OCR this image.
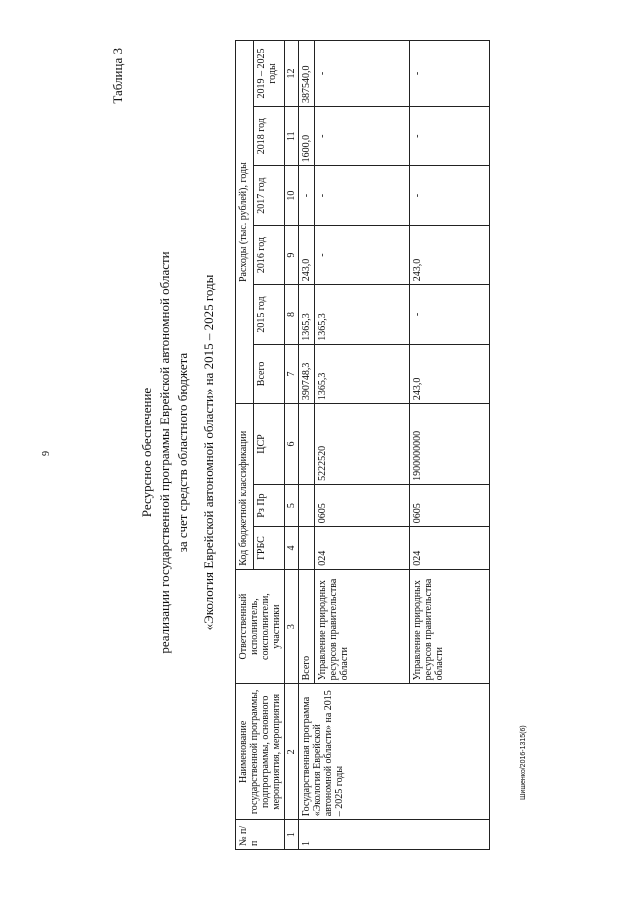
9
Шишенко/2016-1315(6)
Таблица 3
Ресурсное обеспечение реализации государственной программы Еврейской автономной области за счет средств областного бюджета «Экология Еврейской автономной области» на 2015 – 2025 годы
№ п/п	Наименование государственной программы, подпрограммы, основного мероприятия, мероприятия	Ответственный исполнитель, соисполнители, участники	Код бюджетной классификации			Расходы (тыс. рублей), годы					
			ГРБС	Рз Пр	ЦСР	Всего	2015 год	2016 год	2017 год	2018 год	2019 – 2025 годы
1	2	3	4	5	6	7	8	9	10	11	12
1	Государственная программа «Экология Еврейской автономной области» на 2015 – 2025 годы	Всего				390748,3	1365,3	243,0	-	1600,0	387540,0
		Управление природных ресурсов правительства области	024	0605	5222520	1365,3	1365,3	-	-	-	-
		Управление природных ресурсов правительства области	024	0605	1900000000	243,0	-	243,0	-	-	-
